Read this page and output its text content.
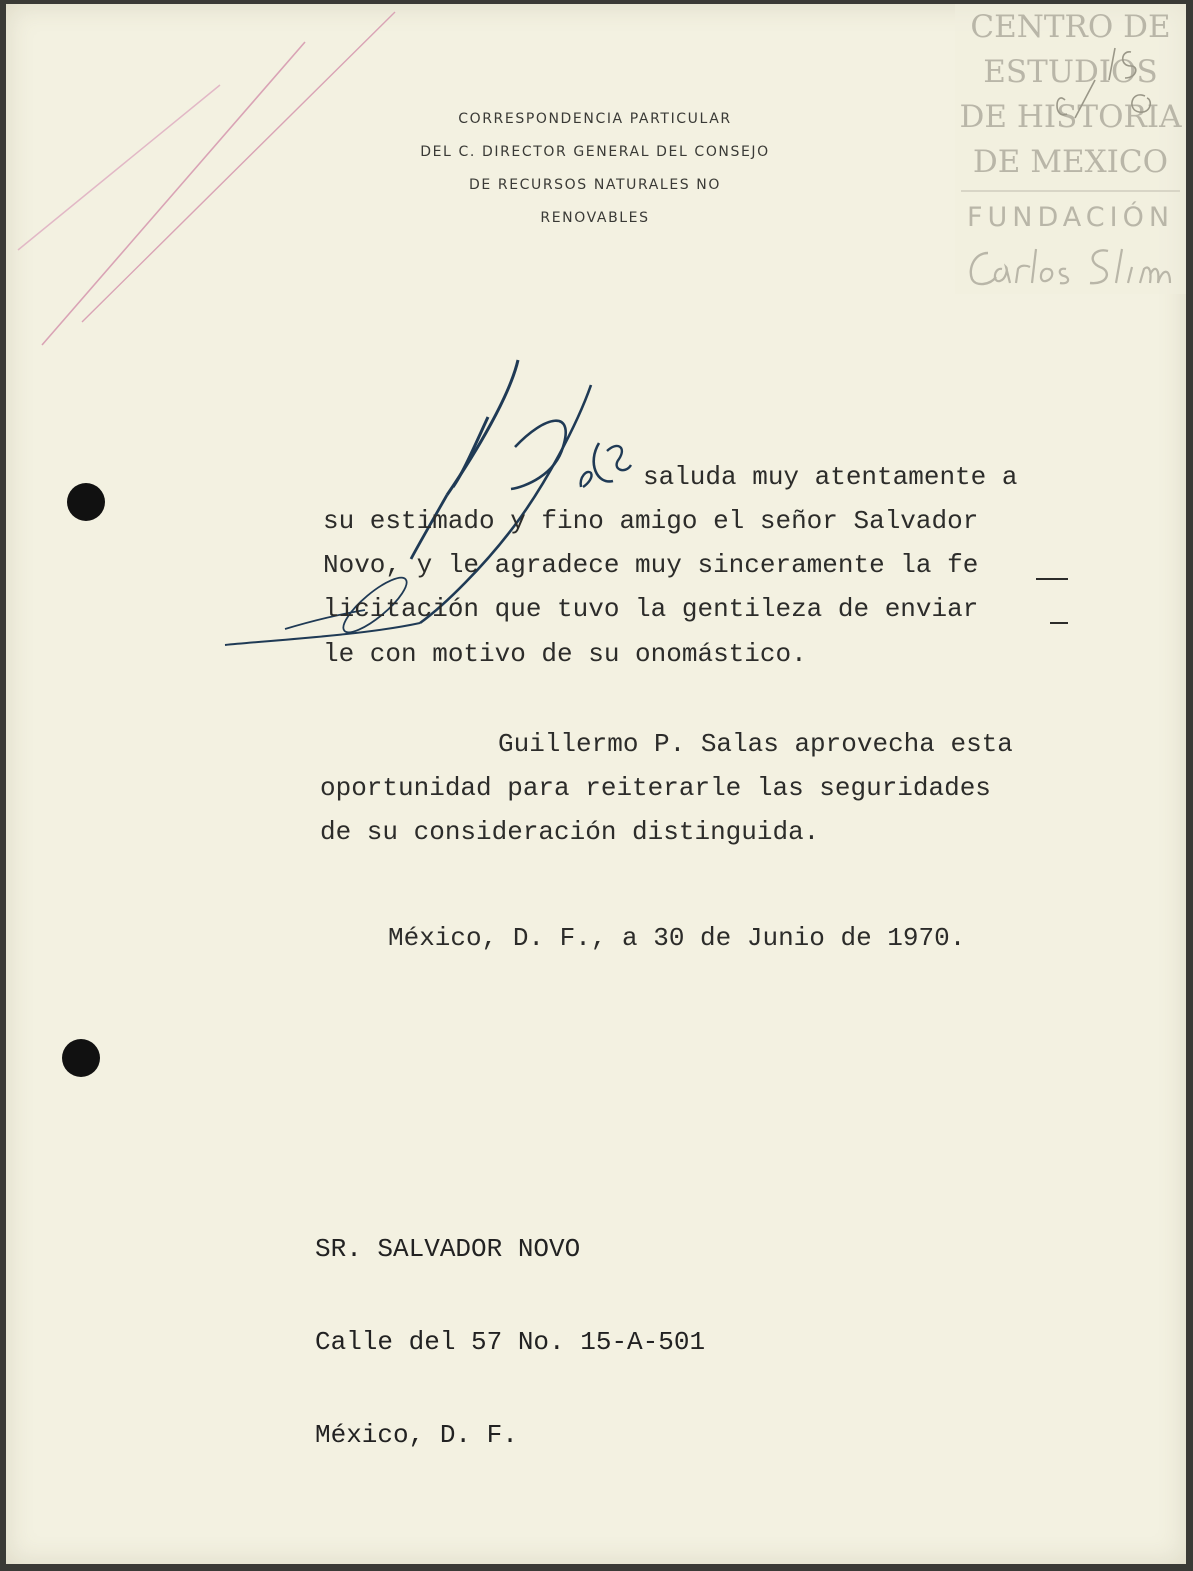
CORRESPONDENCIA PARTICULAR
DEL C. DIRECTOR GENERAL DEL CONSEJO
DE RECURSOS NATURALES NO
RENOVABLES
CENTRO DE
ESTUDIOS
DE HISTORIA
DE MEXICO
FUNDACIÓN
saluda muy atentamente a
su estimado y fino amigo el señor Salvador
Novo, y le agradece muy sinceramente la fe
licitación que tuvo la gentileza de enviar
le con motivo de su onomástico.
Guillermo P. Salas aprovecha esta
oportunidad para reiterarle las seguridades
de su consideración distinguida.
México, D. F., a 30 de Junio de 1970.

SR. SALVADOR NOVO

Calle del 57 No. 15-A-501

México, D. F.
